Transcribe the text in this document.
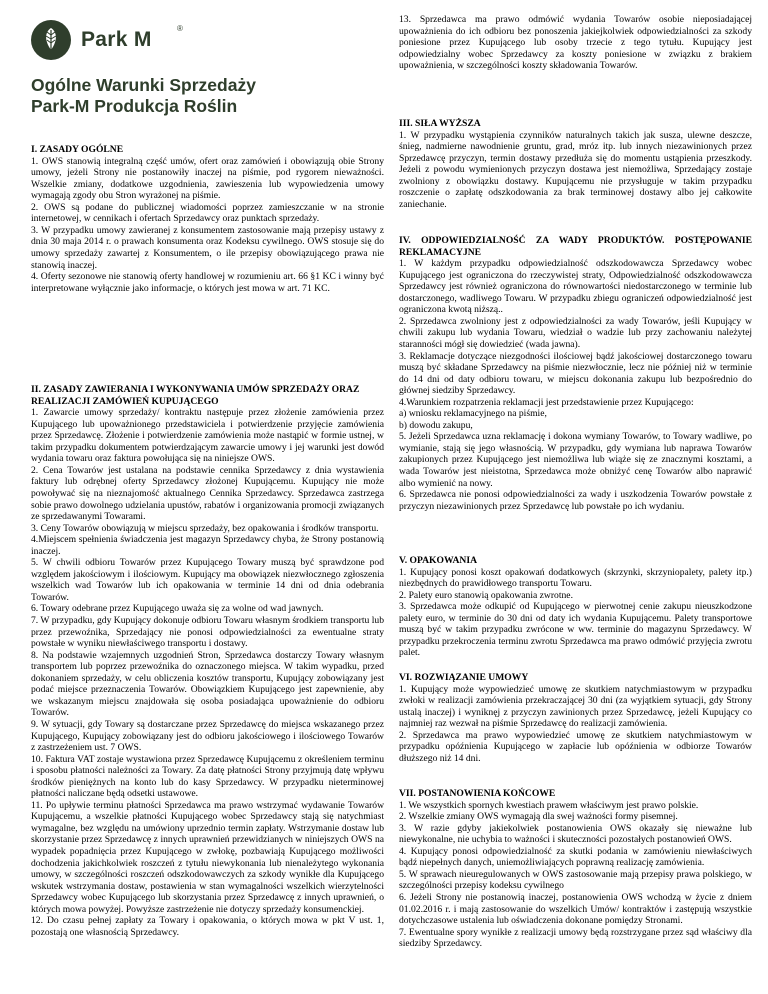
Park M	®
Ogólne Warunki Sprzedaży
Park-M Produkcja Roślin

I. ZASADY OGÓLNE

1. OWS stanowią integralną część umów, ofert oraz zamówień i obowiązują obie Strony umowy, jeżeli Strony nie postanowiły inaczej na piśmie, pod rygorem nieważności. Wszelkie zmiany, dodatkowe uzgodnienia, zawieszenia lub wypowiedzenia umowy wymagają zgody obu Stron wyrażonej na piśmie.

2. OWS są podane do publicznej wiadomości poprzez zamieszczanie w na stronie internetowej, w cennikach i ofertach Sprzedawcy oraz punktach sprzedaży.

3. W przypadku umowy zawieranej z konsumentem zastosowanie mają przepisy ustawy z dnia 30 maja 2014 r. o prawach konsumenta oraz Kodeksu cywilnego. OWS stosuje się do umowy sprzedaży zawartej z Konsumentem, o ile przepisy obowiązującego prawa nie stanowią inaczej.

4. Oferty sezonowe nie stanowią oferty handlowej w rozumieniu art. 66 §1 KC i winny być interpretowane wyłącznie jako informacje, o których jest mowa w art. 71 KC.

II. ZASADY ZAWIERANIA I WYKONYWANIA UMÓW SPRZEDAŻY ORAZ REALIZACJI ZAMÓWIEŃ KUPUJĄCEGO

1. Zawarcie umowy sprzedaży/ kontraktu następuje przez złożenie zamówienia przez Kupującego lub upoważnionego przedstawiciela i potwierdzenie przyjęcie zamówienia przez Sprzedawcę. Złożenie i potwierdzenie zamówienia może nastąpić w formie ustnej, w takim przypadku dokumentem potwierdzającym zawarcie umowy i jej warunki jest dowód wydania towaru oraz faktura powołująca się na niniejsze OWS.

2. Cena Towarów jest ustalana na podstawie cennika Sprzedawcy z dnia wystawienia faktury lub odrębnej oferty Sprzedawcy złożonej Kupującemu. Kupujący nie może powoływać się na nieznajomość aktualnego Cennika Sprzedawcy. Sprzedawca zastrzega sobie prawo dowolnego udzielania upustów, rabatów i organizowania promocji związanych ze sprzedawanymi Towarami.

3. Ceny Towarów obowiązują w miejscu sprzedaży, bez opakowania i środków transportu.

4.Miejscem spełnienia świadczenia jest magazyn Sprzedawcy chyba, że Strony postanowią inaczej.

5. W chwili odbioru Towarów przez Kupującego Towary muszą być sprawdzone pod względem jakościowym i ilościowym. Kupujący ma obowiązek niezwłocznego zgłoszenia wszelkich wad Towarów lub ich opakowania w terminie 14 dni od dnia odebrania Towarów.

6. Towary odebrane przez Kupującego uważa się za wolne od wad jawnych.

7. W przypadku, gdy Kupujący dokonuje odbioru Towaru własnym środkiem transportu lub przez przewoźnika, Sprzedający nie ponosi odpowiedzialności za ewentualne straty powstałe w wyniku niewłaściwego transportu i dostawy.

8. Na podstawie wzajemnych uzgodnień Stron, Sprzedawca dostarczy Towary własnym transportem lub poprzez przewoźnika do oznaczonego miejsca. W takim wypadku, przed dokonaniem sprzedaży, w celu obliczenia kosztów transportu, Kupujący zobowiązany jest podać miejsce przeznaczenia Towarów. Obowiązkiem Kupującego jest zapewnienie, aby we wskazanym miejscu znajdowała się osoba posiadająca upoważnienie do odbioru Towarów.

9. W sytuacji, gdy Towary są dostarczane przez Sprzedawcę do miejsca wskazanego przez Kupującego, Kupujący zobowiązany jest do odbioru jakościowego i ilościowego Towarów z zastrzeżeniem ust. 7 OWS.

10. Faktura VAT zostaje wystawiona przez Sprzedawcę Kupującemu z określeniem terminu i sposobu płatności należności za Towary. Za datę płatności Strony przyjmują datę wpływu środków pieniężnych na konto lub do kasy Sprzedawcy. W przypadku nieterminowej płatności naliczane będą odsetki ustawowe.

11. Po upływie terminu płatności Sprzedawca ma prawo wstrzymać wydawanie Towarów Kupującemu, a wszelkie płatności Kupującego wobec Sprzedawcy stają się natychmiast wymagalne, bez względu na umówiony uprzednio termin zapłaty. Wstrzymanie dostaw lub skorzystanie przez Sprzedawcę z innych uprawnień przewidzianych w niniejszych OWS na wypadek popadnięcia przez Kupującego w zwłokę, pozbawiają Kupującego możliwości dochodzenia jakichkolwiek roszczeń z tytułu niewykonania lub nienależytego wykonania umowy, w szczególności roszczeń odszkodowawczych za szkody wynikłe dla Kupującego wskutek wstrzymania dostaw, postawienia w stan wymagalności wszelkich wierzytelności Sprzedawcy wobec Kupującego lub skorzystania przez Sprzedawcę z innych uprawnień, o których mowa powyżej. Powyższe zastrzeżenie nie dotyczy sprzedaży konsumenckiej.

12. Do czasu pełnej zapłaty za Towary i opakowania, o których mowa w pkt V ust. 1, pozostają one własnością Sprzedawcy.

13. Sprzedawca ma prawo odmówić wydania Towarów osobie nieposiadającej upoważnienia do ich odbioru bez ponoszenia jakiejkolwiek odpowiedzialności za szkody poniesione przez Kupującego lub osoby trzecie z tego tytułu. Kupujący jest odpowiedzialny wobec Sprzedawcy za koszty poniesione w związku z brakiem upoważnienia, w szczególności koszty składowania Towarów.

III. SIŁA WYŻSZA

1. W przypadku wystąpienia czynników naturalnych takich jak susza, ulewne deszcze, śnieg, nadmierne nawodnienie gruntu, grad, mróz itp. lub innych niezawinionych przez Sprzedawcę przyczyn, termin dostawy przedłuża się do momentu ustąpienia przeszkody. Jeżeli z powodu wymienionych przyczyn dostawa jest niemożliwa, Sprzedający zostaje zwolniony z obowiązku dostawy. Kupującemu nie przysługuje w takim przypadku roszczenie o zapłatę odszkodowania za brak terminowej dostawy albo jej całkowite zaniechanie.

IV. ODPOWIEDZIALNOŚĆ ZA WADY PRODUKTÓW. POSTĘPOWANIE REKLAMACYJNE

1. W każdym przypadku odpowiedzialność odszkodowawcza Sprzedawcy wobec Kupującego jest ograniczona do rzeczywistej straty, Odpowiedzialność odszkodowawcza Sprzedawcy jest również ograniczona do równowartości niedostarczonego w terminie lub dostarczonego, wadliwego Towaru. W przypadku zbiegu ograniczeń odpowiedzialność jest ograniczona kwotą niższą..

2. Sprzedawca zwolniony jest z odpowiedzialności za wady Towarów, jeśli Kupujący w chwili zakupu lub wydania Towaru, wiedział o wadzie lub przy zachowaniu należytej staranności mógł się dowiedzieć (wada jawna).

3. Reklamacje dotyczące niezgodności ilościowej bądź jakościowej dostarczonego towaru muszą być składane Sprzedawcy na piśmie niezwłocznie, lecz nie później niż w terminie do 14 dni od daty odbioru towaru, w miejscu dokonania zakupu lub bezpośrednio do głównej siedziby Sprzedawcy.

4.Warunkiem rozpatrzenia reklamacji jest przedstawienie przez Kupującego:

a) wniosku reklamacyjnego na piśmie,

b) dowodu zakupu,

5. Jeżeli Sprzedawca uzna reklamację i dokona wymiany Towarów, to Towary wadliwe, po wymianie, stają się jego własnością. W przypadku, gdy wymiana lub naprawa Towarów zakupionych przez Kupującego jest niemożliwa lub wiąże się ze znacznymi kosztami, a wada Towarów jest nieistotna, Sprzedawca może obniżyć cenę Towarów albo naprawić albo wymienić na nowy.

6. Sprzedawca nie ponosi odpowiedzialności za wady i uszkodzenia Towarów powstałe z przyczyn niezawinionych przez Sprzedawcę lub powstałe po ich wydaniu.

V. OPAKOWANIA

1. Kupujący ponosi koszt opakowań dodatkowych (skrzynki, skrzyniopalety, palety itp.) niezbędnych do prawidłowego transportu Towaru.

2. Palety euro stanowią opakowania zwrotne.

3. Sprzedawca może odkupić od Kupującego w pierwotnej cenie zakupu nieuszkodzone palety euro, w terminie do 30 dni od daty ich wydania Kupującemu. Palety transportowe muszą być w takim przypadku zwrócone w ww. terminie do magazynu Sprzedawcy. W przypadku przekroczenia terminu zwrotu Sprzedawca ma prawo odmówić przyjęcia zwrotu palet.

VI. ROZWIĄZANIE UMOWY

1. Kupujący może wypowiedzieć umowę ze skutkiem natychmiastowym w przypadku zwłoki w realizacji zamówienia przekraczającej 30 dni (za wyjątkiem sytuacji, gdy Strony ustalą inaczej) i wyniknęj z przyczyn zawinionych przez Sprzedawcę, jeżeli Kupujący co najmniej raz wezwał na piśmie Sprzedawcę do realizacji zamówienia.

2. Sprzedawca ma prawo wypowiedzieć umowę ze skutkiem natychmiastowym w przypadku opóźnienia Kupującego w zapłacie lub opóźnienia w odbiorze Towarów dłuższego niż 14 dni.

VII. POSTANOWIENIA KOŃCOWE

1. We wszystkich spornych kwestiach prawem właściwym jest prawo polskie.

2. Wszelkie zmiany OWS wymagają dla swej ważności formy pisemnej.

3. W razie gdyby jakiekolwiek postanowienia OWS okazały się nieważne lub niewykonalne, nie uchybia to ważności i skuteczności pozostałych postanowień OWS.

4. Kupujący ponosi odpowiedzialność za skutki podania w zamówieniu niewłaściwych bądź niepełnych danych, uniemożliwiających poprawną realizację zamówienia.

5. W sprawach nieuregulowanych w OWS zastosowanie mają przepisy prawa polskiego, w szczególności przepisy kodeksu cywilnego

6. Jeżeli Strony nie postanowią inaczej, postanowienia OWS wchodzą w życie z dniem 01.02.2016 r. i mają zastosowanie do wszelkich Umów/ kontraktów i zastępują wszystkie dotychczasowe ustalenia lub oświadczenia dokonane pomiędzy Stronami.

7. Ewentualne spory wynikłe z realizacji umowy będą rozstrzygane przez sąd właściwy dla siedziby Sprzedawcy.
